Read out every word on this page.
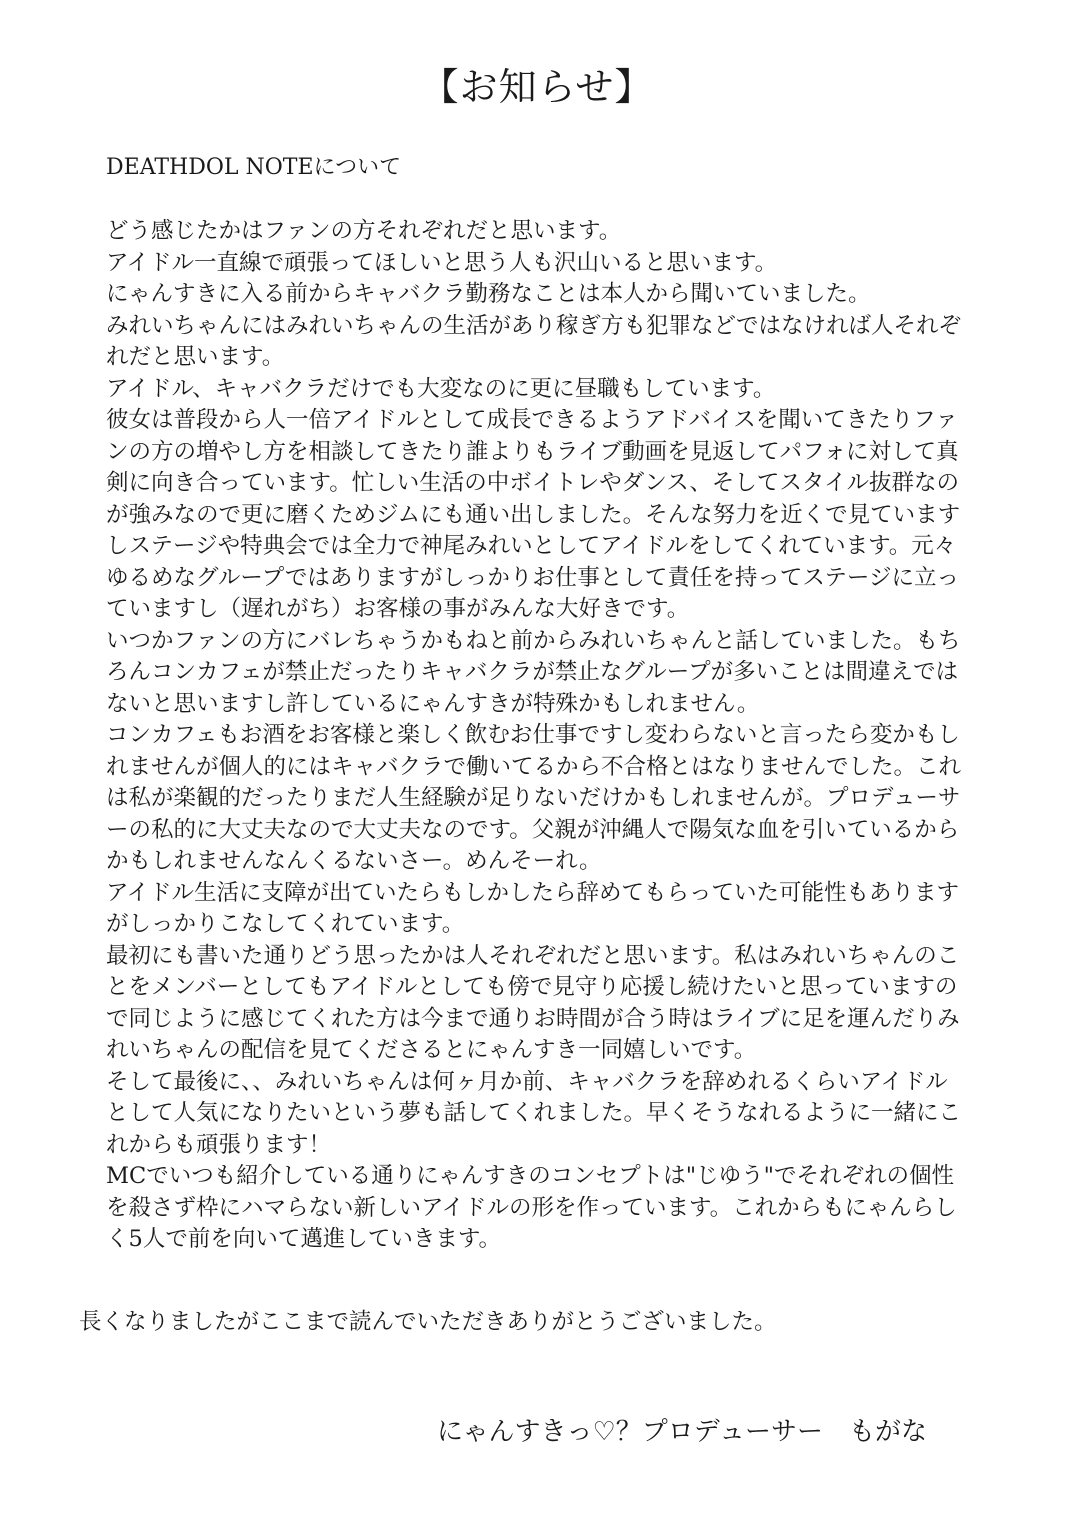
【お知らせ】
DEATHDOL NOTEについて
どう感じたかはファンの方それぞれだと思います。
アイドル一直線で頑張ってほしいと思う人も沢山いると思います。
にゃんすきに入る前からキャバクラ勤務なことは本人から聞いていました。
みれいちゃんにはみれいちゃんの生活があり稼ぎ方も犯罪などではなければ人それぞ
れだと思います。
アイドル、キャバクラだけでも大変なのに更に昼職もしています。
彼女は普段から人一倍アイドルとして成長できるようアドバイスを聞いてきたりファ
ンの方の増やし方を相談してきたり誰よりもライブ動画を見返してパフォに対して真
剣に向き合っています。忙しい生活の中ボイトレやダンス、そしてスタイル抜群なの
が強みなので更に磨くためジムにも通い出しました。そんな努力を近くで見ています
しステージや特典会では全力で神尾みれいとしてアイドルをしてくれています。元々
ゆるめなグループではありますがしっかりお仕事として責任を持ってステージに立っ
ていますし（遅れがち）お客様の事がみんな大好きです。
いつかファンの方にバレちゃうかもねと前からみれいちゃんと話していました。もち
ろんコンカフェが禁止だったりキャバクラが禁止なグループが多いことは間違えでは
ないと思いますし許しているにゃんすきが特殊かもしれません。
コンカフェもお酒をお客様と楽しく飲むお仕事ですし変わらないと言ったら変かもし
れませんが個人的にはキャバクラで働いてるから不合格とはなりませんでした。これ
は私が楽観的だったりまだ人生経験が足りないだけかもしれませんが。プロデューサ
ーの私的に大丈夫なので大丈夫なのです。父親が沖縄人で陽気な血を引いているから
かもしれませんなんくるないさー。めんそーれ。
アイドル生活に支障が出ていたらもしかしたら辞めてもらっていた可能性もあります
がしっかりこなしてくれています。
最初にも書いた通りどう思ったかは人それぞれだと思います。私はみれいちゃんのこ
とをメンバーとしてもアイドルとしても傍で見守り応援し続けたいと思っていますの
で同じように感じてくれた方は今まで通りお時間が合う時はライブに足を運んだりみ
れいちゃんの配信を見てくださるとにゃんすき一同嬉しいです。
そして最後に、、みれいちゃんは何ヶ月か前、キャバクラを辞めれるくらいアイドル
として人気になりたいという夢も話してくれました。早くそうなれるように一緒にこ
れからも頑張ります！
MCでいつも紹介している通りにゃんすきのコンセプトは"じゆう"でそれぞれの個性
を殺さず枠にハマらない新しいアイドルの形を作っています。これからもにゃんらし
く5人で前を向いて邁進していきます。
長くなりましたがここまで読んでいただきありがとうございました。
にゃんすきっ♡？プロデューサー　もがな
